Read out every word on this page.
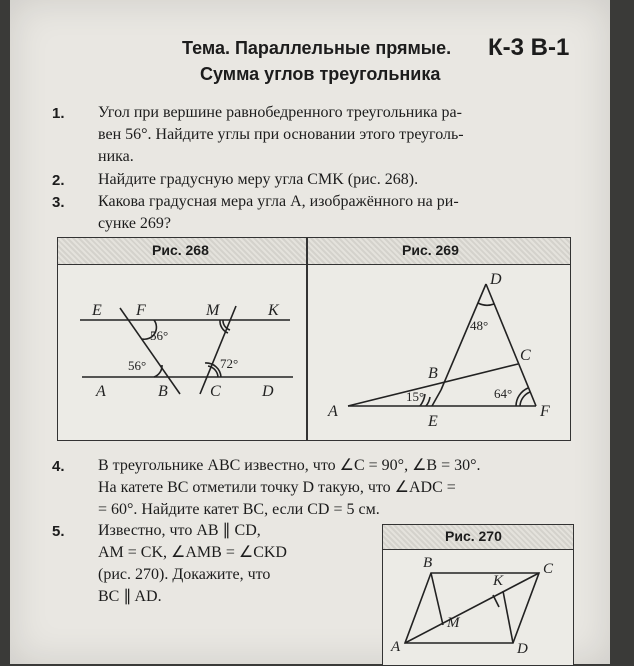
Тема. Параллельные прямые.
Сумма углов треугольника
К-3 В-1
1. Угол при вершине равнобедренного треугольника ра-
вен 56°. Найдите углы при основании этого треуголь-
ника.
2. Найдите градусную меру угла CMK (рис. 268).
3. Какова градусная мера угла A, изображённого на ри-
сунке 269?
Рис. 268	Рис. 269
E F	M	K
A	B	C	D
56°
56°	72°
D
B
C
A
E
F
48°
15°	64°
4. В треугольнике ABC известно, что ∠C = 90°, ∠B = 30°.
На катете BC отметили точку D такую, что ∠ADC =
= 60°. Найдите катет BC, если CD = 5 см.
5. Известно, что AB ∥ CD,
AM = CK, ∠AMB = ∠CKD
(рис. 270). Докажите, что
BC ∥ AD.
Рис. 270
B	C
K
M
A	D
